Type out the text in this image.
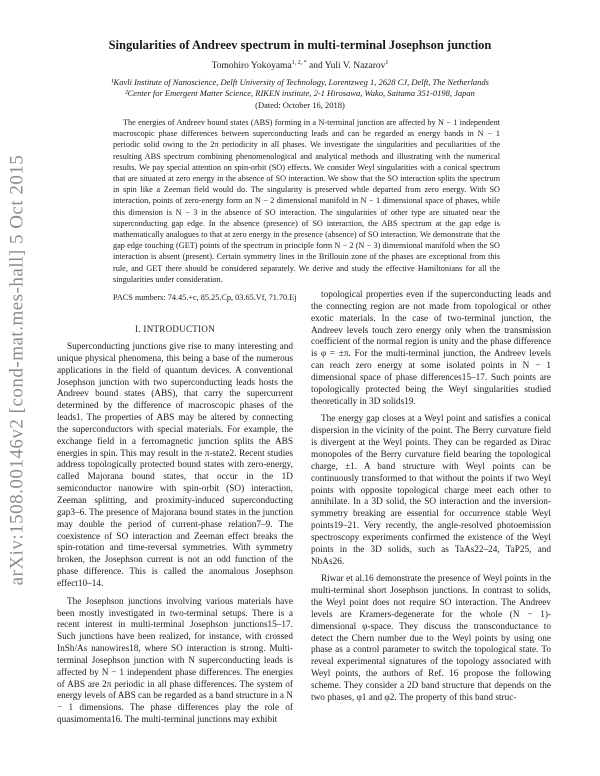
arXiv:1508.00146v2 [cond-mat.mes-hall] 5 Oct 2015
Singularities of Andreev spectrum in multi-terminal Josephson junction
Tomohiro Yokoyama$^{1, 2, *}$ and Yuli V. Nazarov$^1$
¹Kavli Institute of Nanoscience, Delft University of Technology, Lorentzweg 1, 2628 CJ, Delft, The Netherlands
²Center for Emergent Matter Science, RIKEN institute, 2-1 Hirosawa, Wako, Saitama 351-0198, Japan
(Dated: October 16, 2018)
The energies of Andreev bound states (ABS) forming in a N-terminal junction are affected by N − 1 independent macroscopic phase differences between superconducting leads and can be regarded as energy bands in N − 1 periodic solid owing to the 2π periodicity in all phases. We investigate the singularities and peculiarities of the resulting ABS spectrum combining phenomenological and analytical methods and illustrating with the numerical results. We pay special attention on spin-orbit (SO) effects. We consider Weyl singularities with a conical spectrum that are situated at zero energy in the absence of SO interaction. We show that the SO interaction splits the spectrum in spin like a Zeeman field would do. The singularity is preserved while departed from zero energy. With SO interaction, points of zero-energy form an N − 2 dimensional manifold in N − 1 dimensional space of phases, while this dimension is N − 3 in the absence of SO interaction. The singularities of other type are situated near the superconducting gap edge. In the absence (presence) of SO interaction, the ABS spectrum at the gap edge is mathematically analogues to that at zero energy in the presence (absence) of SO interaction. We demonstrate that the gap edge touching (GET) points of the spectrum in principle form N − 2 (N − 3) dimensional manifold when the SO interaction is absent (present). Certain symmetry lines in the Brillouin zone of the phases are exceptional from this rule, and GET there should be considered separately. We derive and study the effective Hamiltonians for all the singularities under consideration.
I. INTRODUCTION

Superconducting junctions give rise to many interesting and unique physical phenomena, this being a base of the numerous applications in the field of quantum devices. A conventional Josephson junction with two superconducting leads hosts the Andreev bound states (ABS), that carry the supercurrent determined by the difference of macroscopic phases of the leads1. The properties of ABS may be altered by connecting the superconductors with special materials. For example, the exchange field in a ferromagnetic junction splits the ABS energies in spin. This may result in the π-state2. Recent studies address topologically protected bound states with zero-energy, called Majorana bound states, that occur in the 1D semiconductor nanowire with spin-orbit (SO) interaction, Zeeman splitting, and proximity-induced superconducting gap3–6. The presence of Majorana bound states in the junction may double the period of current-phase relation7–9. The coexistence of SO interaction and Zeeman effect breaks the spin-rotation and time-reversal symmetries. With symmetry broken, the Josephson current is not an odd function of the phase difference. This is called the anomalous Josephson effect10–14.

The Josephson junctions involving various materials have been mostly investigated in two-terminal setups. There is a recent interest in multi-terminal Josephson junctions15–17. Such junctions have been realized, for instance, with crossed InSb/As nanowires18, where SO interaction is strong. Multi-terminal Josephson junction with N superconducting leads is affected by N − 1 independent phase differences. The energies of ABS are 2π periodic in all phase differences. The system of energy levels of ABS can be regarded as a band structure in a N − 1 dimensions. The phase differences play the role of quasimomenta16. The multi-terminal junctions may exhibit

PACS numbers: 74.45.+c, 85.25.Cp, 03.65.Vf, 71.70.Ej	topological properties even if the superconducting leads and the connecting region are not made from topological or other exotic materials. In the case of two-terminal junction, the Andreev levels touch zero energy only when the transmission coefficient of the normal region is unity and the phase difference is φ = ±π. For the multi-terminal junction, the Andreev levels can reach zero energy at some isolated points in N − 1 dimensional space of phase differences15–17. Such points are topologically protected being the Weyl singularities studied theoretically in 3D solids19.

The energy gap closes at a Weyl point and satisfies a conical dispersion in the vicinity of the point. The Berry curvature field is divergent at the Weyl points. They can be regarded as Dirac monopoles of the Berry curvature field bearing the topological charge, ±1. A band structure with Weyl points can be continuously transformed to that without the points if two Weyl points with opposite topological charge meet each other to annihilate. In a 3D solid, the SO interaction and the inversion-symmetry breaking are essential for occurrence stable Weyl points19–21. Very recently, the angle-resolved photoemission spectroscopy experiments confirmed the existence of the Weyl points in the 3D solids, such as TaAs22–24, TaP25, and NbAs26.

Riwar et al.16 demonstrate the presence of Weyl points in the multi-terminal short Josephson junctions. In contrast to solids, the Weyl point does not require SO interaction. The Andreev levels are Kramers-degenerate for the whole (N − 1)-dimensional φ-space. They discuss the transconductance to detect the Chern number due to the Weyl points by using one phase as a control parameter to switch the topological state. To reveal experimental signatures of the topology associated with Weyl points, the authors of Ref. 16 propose the following scheme. They consider a 2D band structure that depends on the two phases, φ1 and φ2. The property of this band struc-
